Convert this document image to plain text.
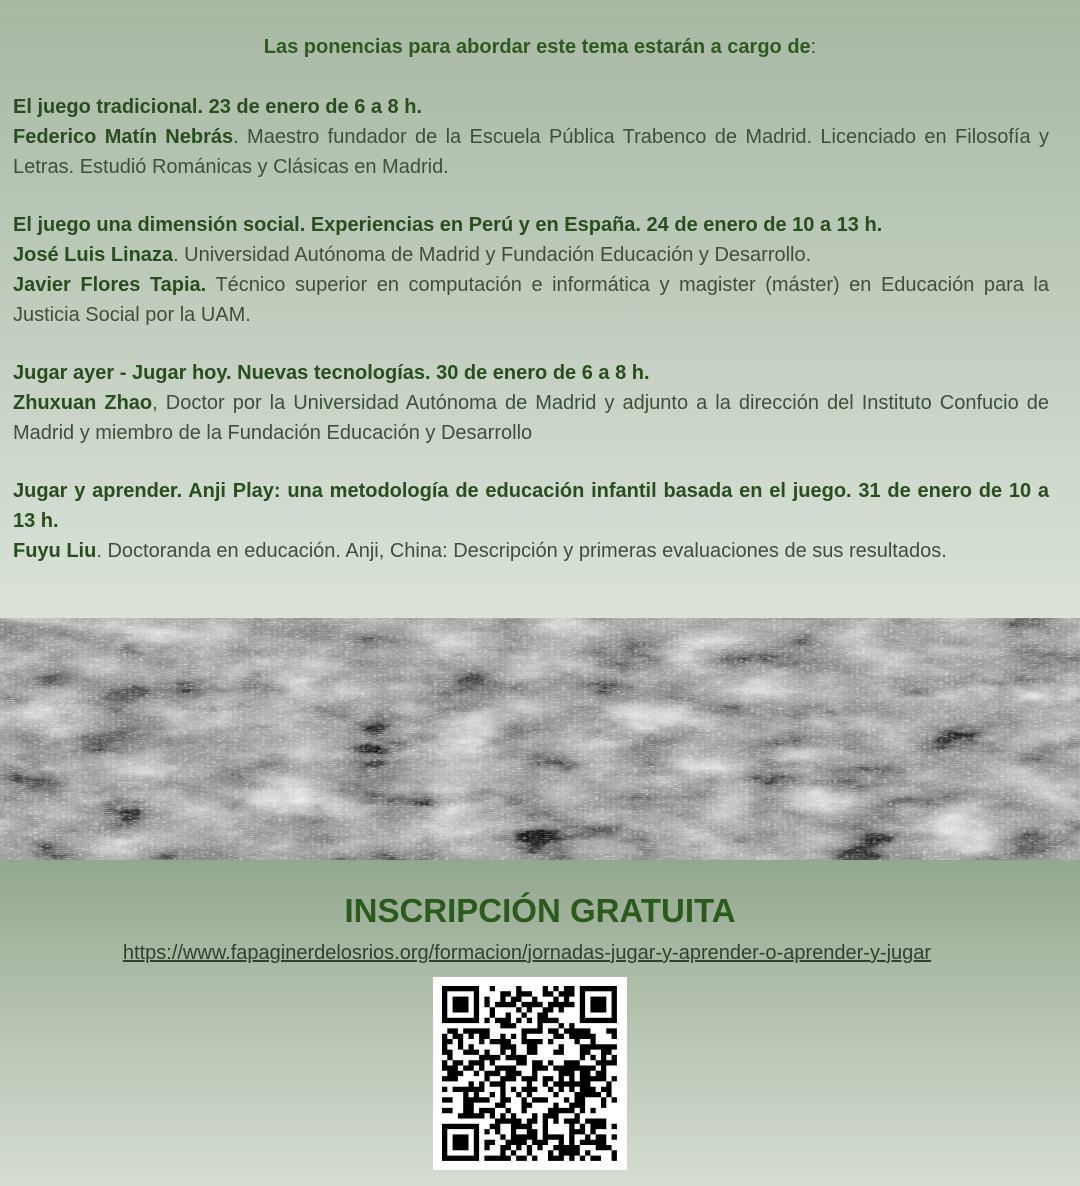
Las ponencias para abordar este tema estarán a cargo de:

El juego tradicional. 23 de enero de 6 a 8 h.

Federico Matín Nebrás. Maestro fundador de la Escuela Pública Trabenco de Madrid. Licenciado en Filosofía y Letras. Estudió Románicas y Clásicas en Madrid.

El juego una dimensión social. Experiencias en Perú y en España. 24 de enero de 10 a 13 h.

José Luis Linaza. Universidad Autónoma de Madrid y Fundación Educación y Desarrollo.

Javier Flores Tapia. Técnico superior en computación e informática y magister (máster) en Educación para la Justicia Social por la UAM.

Jugar ayer - Jugar hoy. Nuevas tecnologías. 30 de enero de 6 a 8 h.

Zhuxuan Zhao, Doctor por la Universidad Autónoma de Madrid y adjunto a la dirección del Instituto Confucio de Madrid y miembro de la Fundación Educación y Desarrollo

Jugar y aprender. Anji Play: una metodología de educación infantil basada en el juego. 31 de enero de 10 a 13 h.

Fuyu Liu. Doctoranda en educación. Anji, China: Descripción y primeras evaluaciones de sus resultados.

INSCRIPCIÓN GRATUITA
https://www.fapaginerdelosrios.org/formacion/jornadas-jugar-y-aprender-o-aprender-y-jugar
